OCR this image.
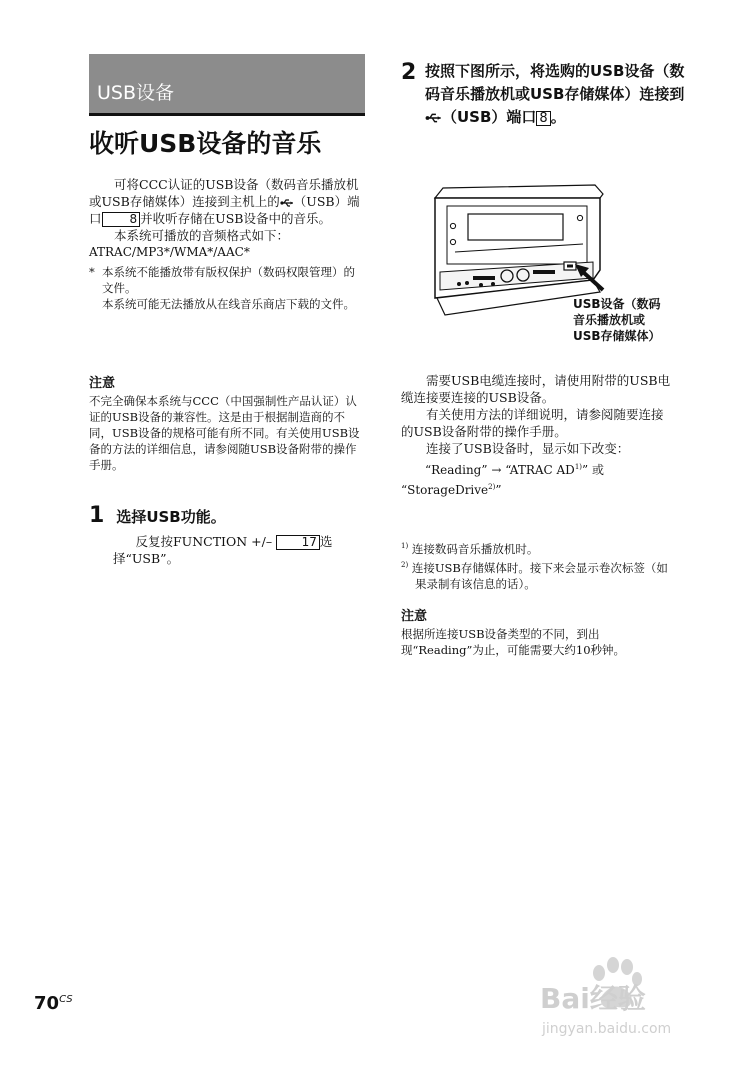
USB设备
收听USB设备的音乐

可将CCC认证的USB设备（数码音乐播放机或USB存储媒体）连接到主机上的 （USB）端口 8 并收听存储在USB设备中的音乐。

本系统可播放的音频格式如下：

ATRAC/MP3*/WMA*/AAC*

* 本系统不能播放带有版权保护（数码权限管理）的文件。

本系统可能无法播放从在线音乐商店下载的文件。

注意

不完全确保本系统与CCC（中国强制性产品认证）认证的USB设备的兼容性。这是由于根据制造商的不同，USB设备的规格可能有所不同。有关使用USB设备的方法的详细信息，请参阅随USB设备附带的操作手册。

1 选择USB功能。

反复按FUNCTION +/– 17 选择“USB”。

2 按照下图所示，将选购的USB设备（数码音乐播放机或USB存储媒体）连接到（USB）端口 8 。

USB设备（数码
音乐播放机或
USB存储媒体）

需要USB电缆连接时，请使用附带的USB电缆连接要连接的USB设备。

有关使用方法的详细说明，请参阅随要连接的USB设备附带的操作手册。

连接了USB设备时，显示如下改变：

“Reading” → “ATRAC AD$^{1)}$” 或

“StorageDrive$^{2)}$”

$^{1)}$ 连接数码音乐播放机时。

$^{2)}$ 连接USB存储媒体时。接下来会显示卷次标签（如果录制有该信息的话）。

注意

根据所连接USB设备类型的不同，到出现“Reading”为止，可能需要大约10秒钟。

$70^{CS}$	Bai经验
jingyan.baidu.com
